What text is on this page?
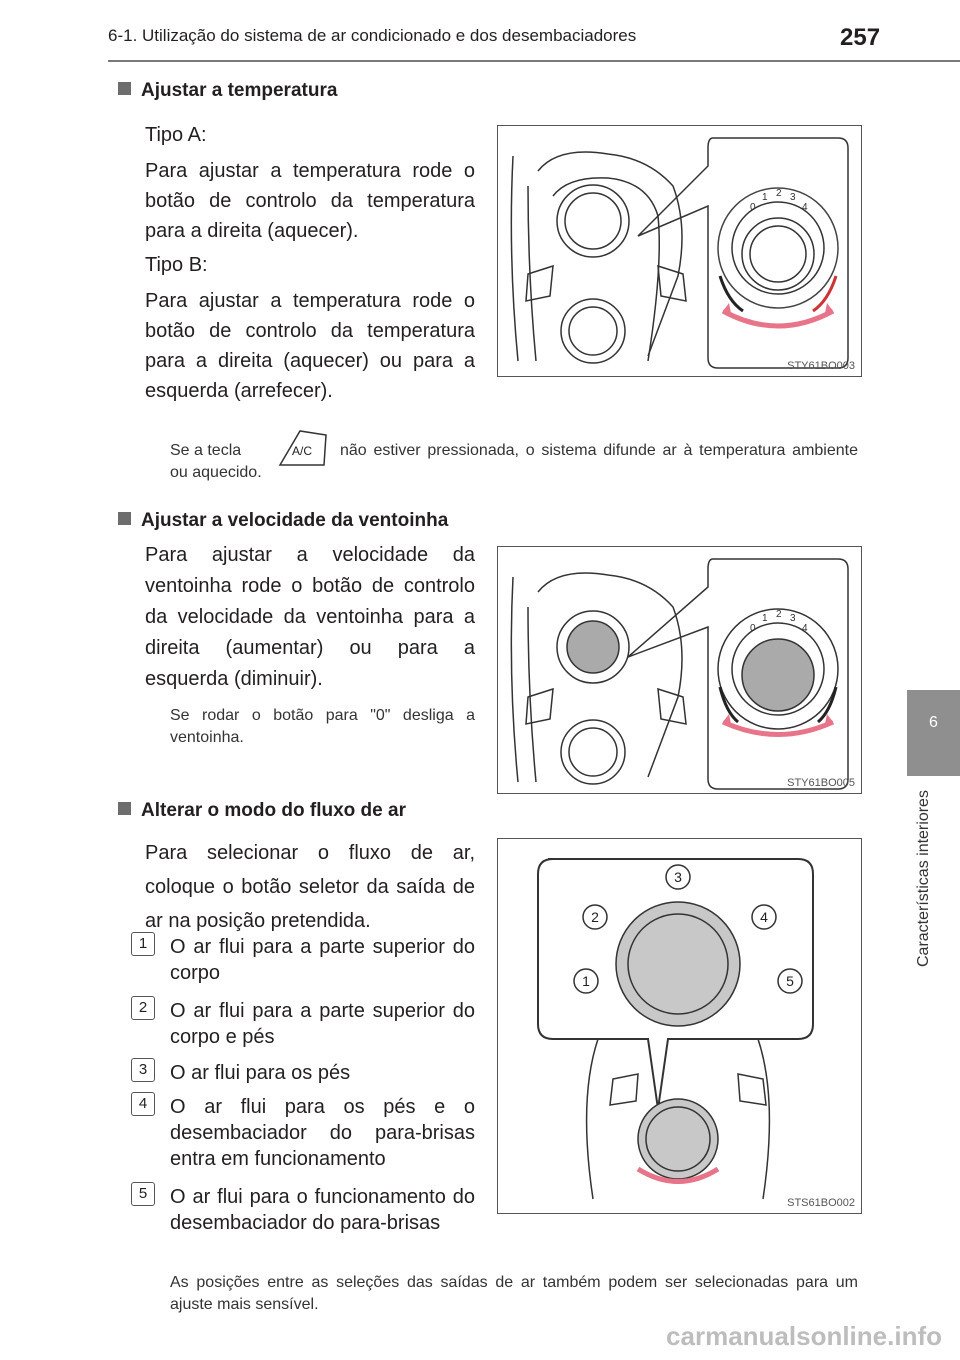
6-1. Utilização do sistema de ar condicionado e dos desembaciadores	257
6
Características interiores
Ajustar a temperatura
Tipo A:
Para ajustar a temperatura rode o botão de controlo da temperatura para a direita (aquecer).
Tipo B:
Para ajustar a temperatura rode o botão de controlo da temperatura para a direita (aquecer) ou para a esquerda (arrefecer).
0
1 2 3
4
STY61BO003
Se a tecla	A/C	não estiver pressionada, o sistema difunde ar à temperatura ambiente ou aquecido.
Ajustar a velocidade da ventoinha
Para ajustar a velocidade da ventoinha rode o botão de controlo da velocidade da ventoinha para a direita (aumentar) ou para a esquerda (diminuir).
Se rodar o botão para "0" desliga a ventoinha.
0
1 2 3
4
STY61BO005
Alterar o modo do fluxo de ar
Para selecionar o fluxo de ar, coloque o botão seletor da saída de ar na posição pretendida.
1	O ar flui para a parte superior do corpo
2	O ar flui para a parte superior do corpo e pés
3	O ar flui para os pés
4	O ar flui para os pés e o desembaciador do para-brisas entra em funcionamento
5	O ar flui para o funcionamento do desembaciador do para-brisas
As posições entre as seleções das saídas de ar também podem ser selecionadas para um ajuste mais sensível.
1
2
3
4
5
STS61BO002
carmanualsonline.info
